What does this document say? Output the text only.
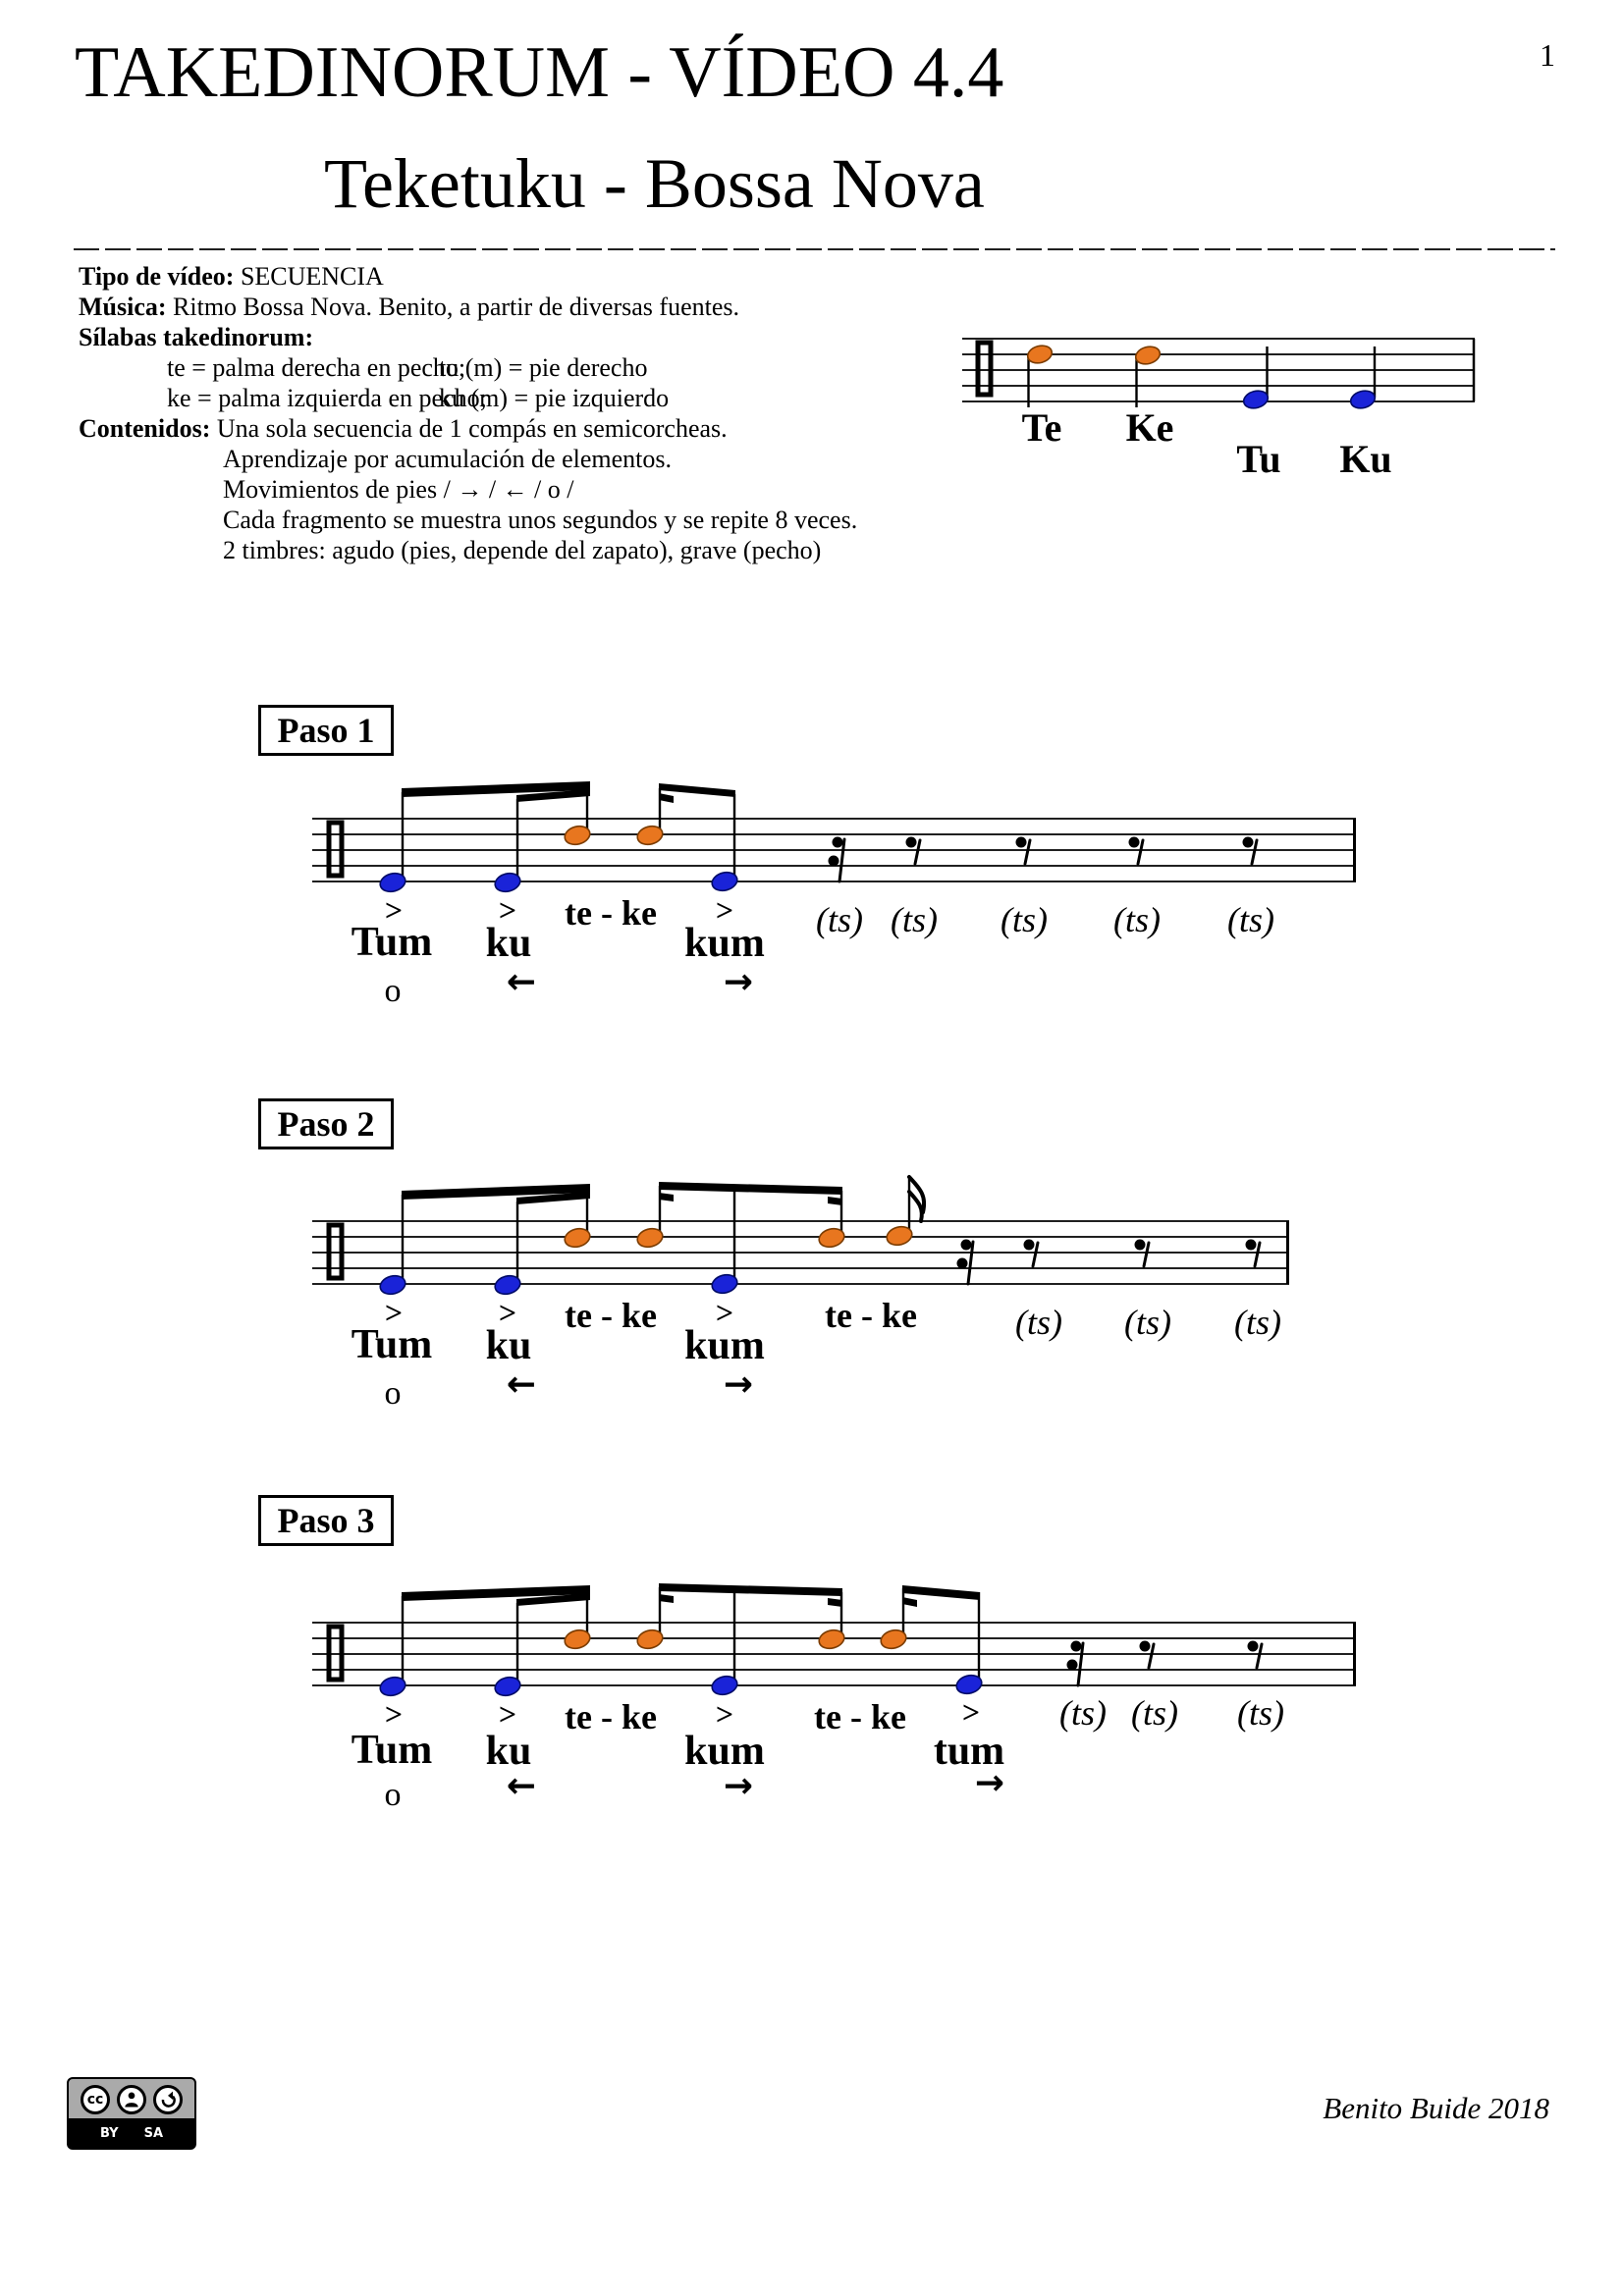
1
TAKEDINORUM - VÍDEO 4.4
Teketuku - Bossa Nova
Tipo de vídeo: SECUENCIA
Música: Ritmo Bossa Nova. Benito, a partir de diversas fuentes.
Sílabas takedinorum:
te = palma derecha en pecho;
tu (m) = pie derecho
ke = palma izquierda en pecho;
ku (m) = pie izquierdo
Contenidos: Una sola secuencia de 1 compás en semicorcheas.
Aprendizaje por acumulación de elementos.
Movimientos de pies / → / ← / o /
Cada fragmento se muestra unos segundos y se repite 8 veces.
2 timbres: agudo (pies, depende del zapato), grave (pecho)
Te Ke
Tu Ku
Paso 1
>	>	>
te - ke
Tum ku	kum
(ts) (ts) (ts) (ts) (ts)
o	←	→
Paso 2
>	>	>
te - ke	te - ke
Tum ku	kum
(ts) (ts) (ts)
o	←	→
Paso 3
>	>	>	>
te - ke	te - ke
Tum ku	kum	tum
(ts) (ts) (ts)
o	←	→	→
cc
BY SA
Benito Buide 2018
